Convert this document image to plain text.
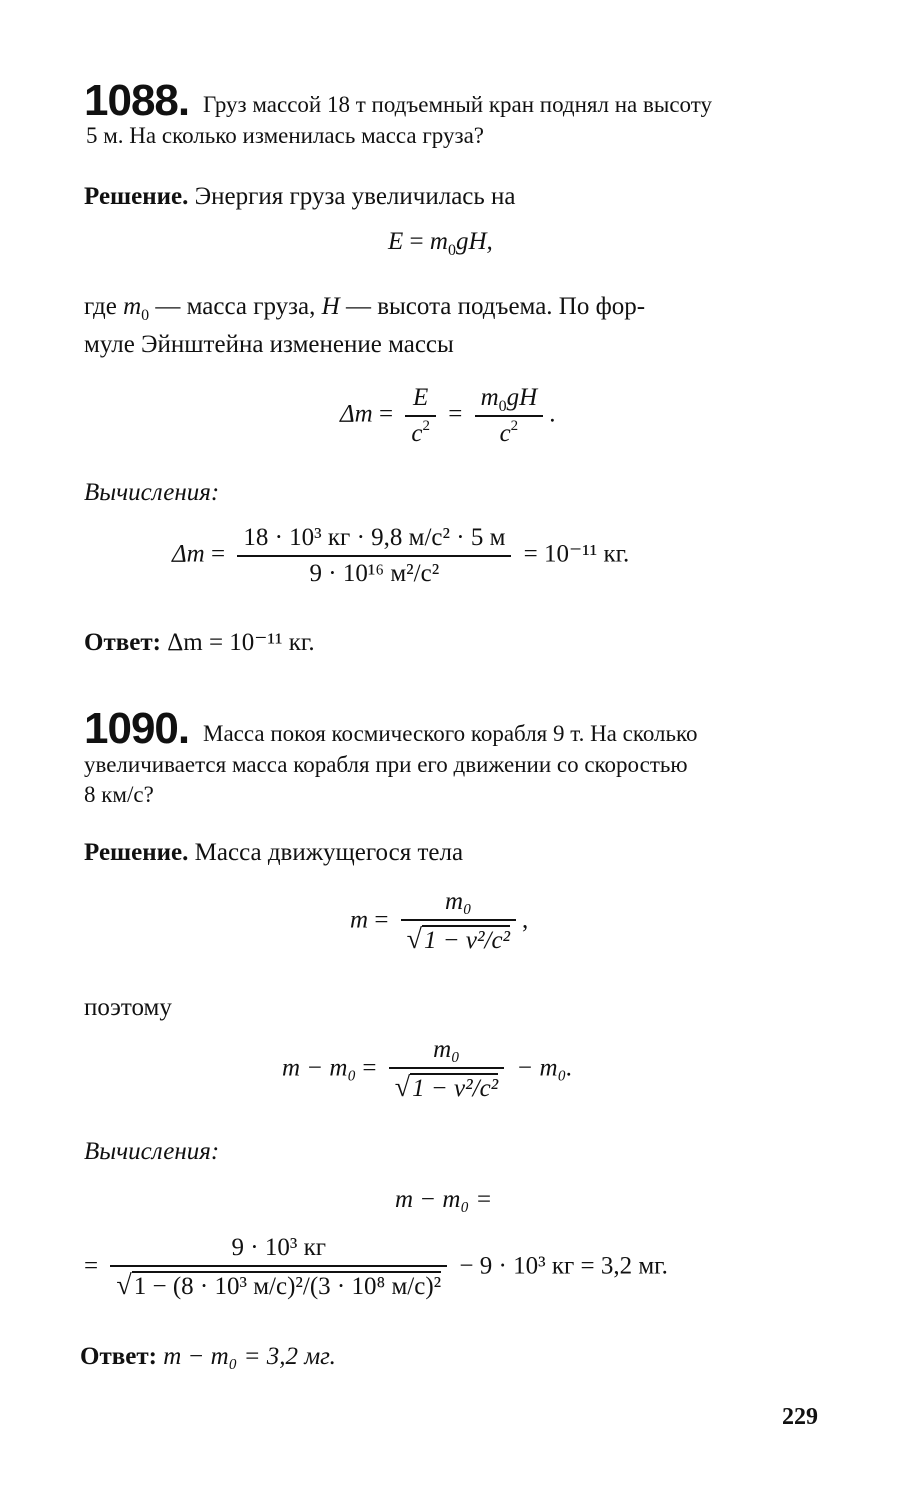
1088. Груз массой 18 т подъемный кран поднял на высоту
5 м. На сколько изменилась масса груза?
Решение. Энергия груза увеличилась на
$E = m_0gH$,
где $m_0$ — масса груза, H — высота подъема. По фор-
муле Эйнштейна изменение массы
$\Delta m = \frac{E}{c^2} = \frac{m_0gH}{c^2}$ .
Вычисления:
$\Delta m = \frac{\text{18 · 10³ кг · 9,8 м/с² · 5 м}}{\text{9 · 10¹⁶ м²/с²}} = 10^{-11}$ кг.
Ответ: Δm = 10⁻¹¹ кг.
1090. Масса покоя космического корабля 9 т. На сколько
увеличивается масса корабля при его движении со скоростью
8 км/с?
Решение. Масса движущегося тела
$m = \frac{\text{m₀}}{\text{√1 − v²/c²}}$ ,
поэтому
$m - m_0 = \frac{\text{m₀}}{\text{√1 − v²/c²}} - m_0$.
Вычисления:
m − m₀ =
= $\frac{\text{9 · 10³ кг}}{\text{√1 − (8 · 10³ м/с)²/(3 · 10⁸ м/с)²}} - 9 \cdot 10^3$ кг = 3,2 мг.
Ответ: m − m₀ = 3,2 мг.
229
